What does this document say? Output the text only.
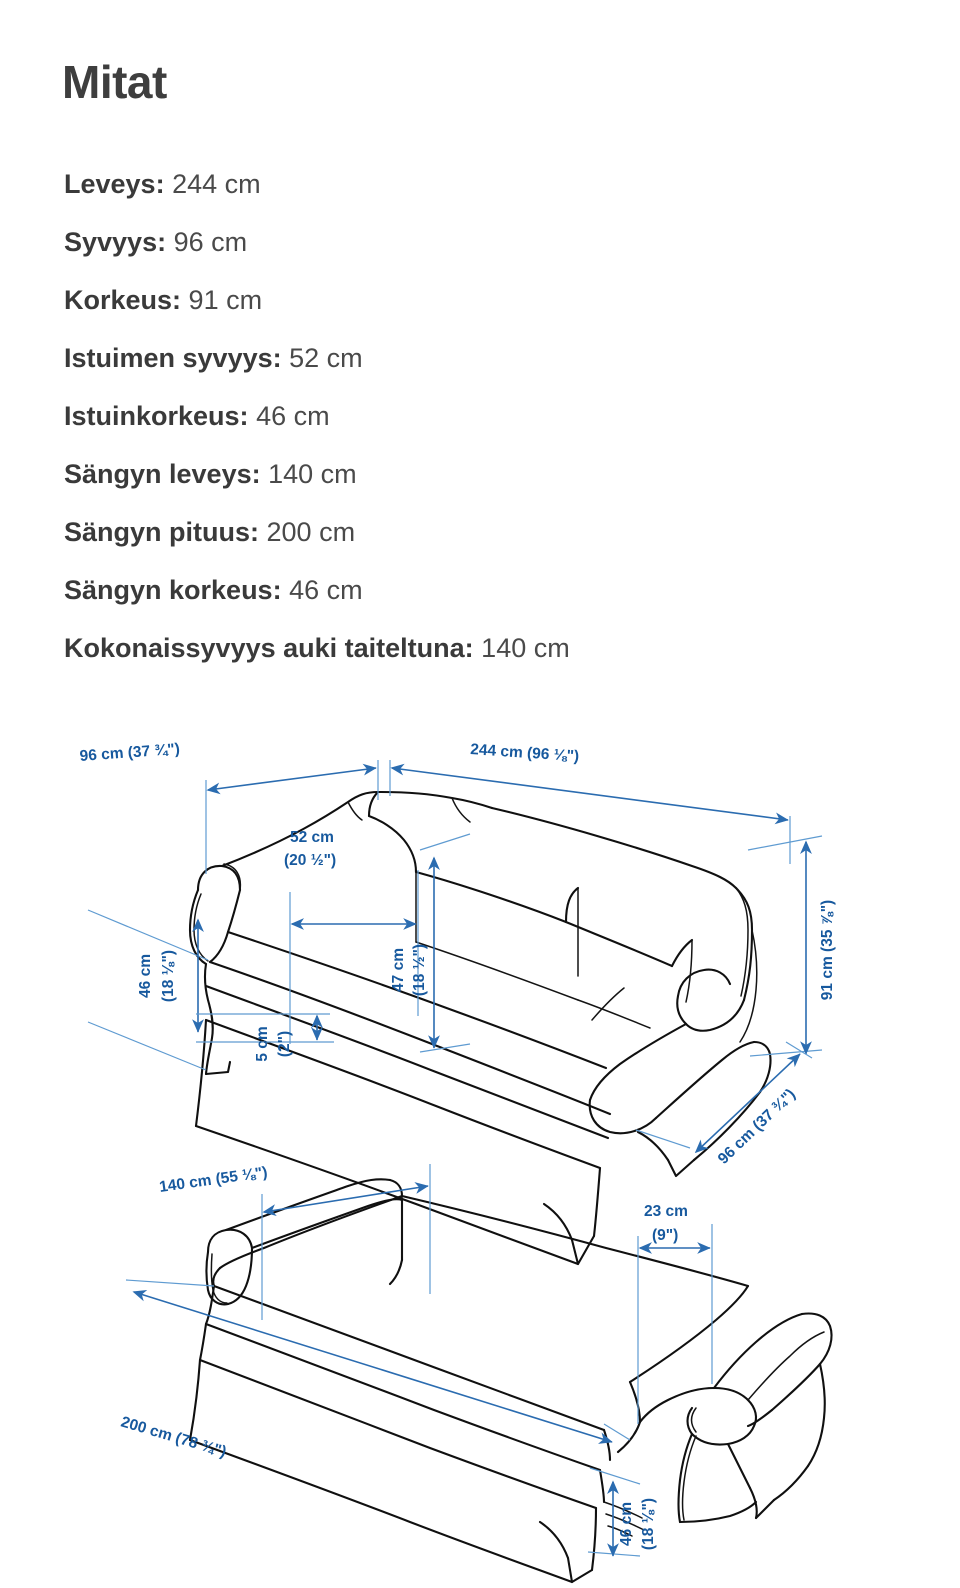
Mitat
Leveys: 244 cm
Syvyys: 96 cm
Korkeus: 91 cm
Istuimen syvyys: 52 cm
Istuinkorkeus: 46 cm
Sängyn leveys: 140 cm
Sängyn pituus: 200 cm
Sängyn korkeus: 46 cm
Kokonaissyvyys auki taiteltuna: 140 cm
96 cm (37 ¾")	244 cm (96 ⅛")
52 cm
(20 ½")
47 cm (18 ½")
46 cm (18 ⅛")
5 cm (2")
91 cm (35 ⅞")
96 cm (37 ¾")
140 cm (55 ⅛")
200 cm (78 ¾")
23 cm
(9")
46 cm (18 ⅛")
